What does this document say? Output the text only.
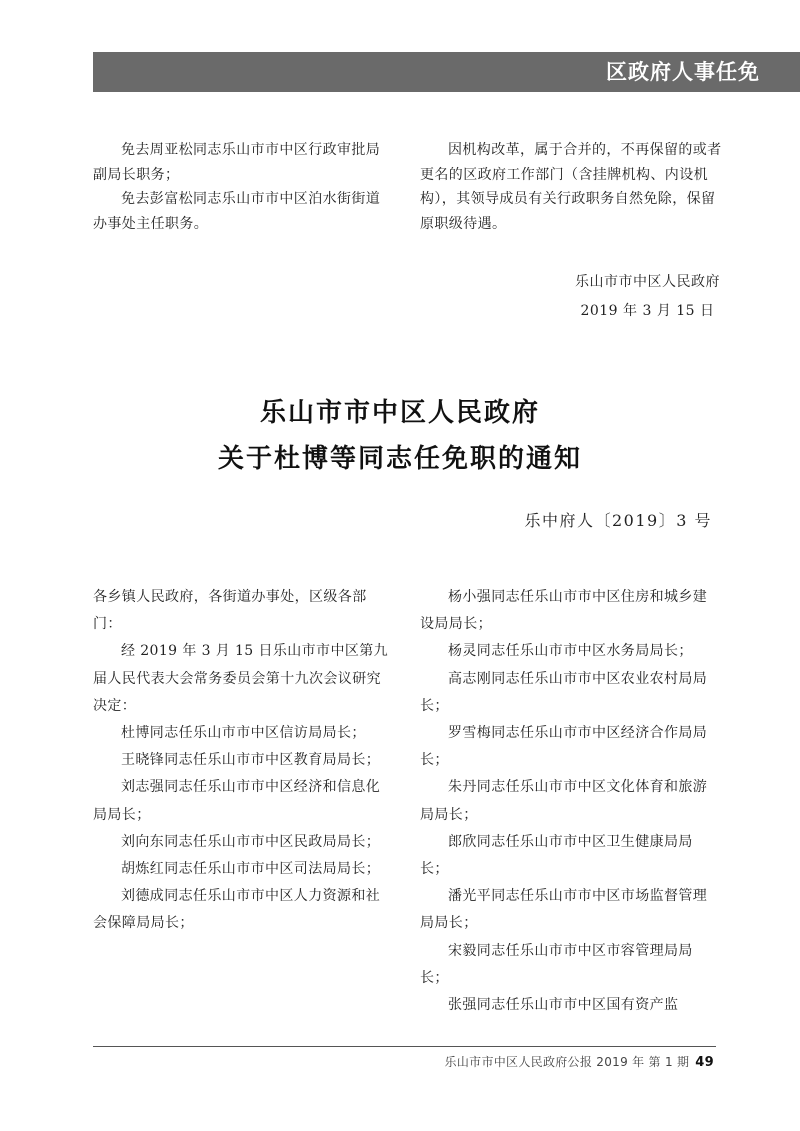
区政府人事任免

免去周亚松同志乐山市市中区行政审批局副局长职务；

免去彭富松同志乐山市市中区泊水街街道办事处主任职务。

因机构改革，属于合并的，不再保留的或者更名的区政府工作部门（含挂牌机构、内设机构），其领导成员有关行政职务自然免除，保留原职级待遇。

乐山市市中区人民政府
2019 年 3 月 15 日
乐山市市中区人民政府
关于杜博等同志任免职的通知
乐中府人〔2019〕3 号

各乡镇人民政府，各街道办事处，区级各部门：

经 2019 年 3 月 15 日乐山市市中区第九届人民代表大会常务委员会第十九次会议研究决定：

杜博同志任乐山市市中区信访局局长；

王晓锋同志任乐山市市中区教育局局长；

刘志强同志任乐山市市中区经济和信息化局局长；

刘向东同志任乐山市市中区民政局局长；

胡炼红同志任乐山市市中区司法局局长；

刘德成同志任乐山市市中区人力资源和社会保障局局长；

杨小强同志任乐山市市中区住房和城乡建设局局长；

杨灵同志任乐山市市中区水务局局长；

高志刚同志任乐山市市中区农业农村局局长；

罗雪梅同志任乐山市市中区经济合作局局长；

朱丹同志任乐山市市中区文化体育和旅游局局长；

郎欣同志任乐山市市中区卫生健康局局长；

潘光平同志任乐山市市中区市场监督管理局局长；

宋毅同志任乐山市市中区市容管理局局长；

张强同志任乐山市市中区国有资产监

乐山市市中区人民政府公报 2019 年 第 1 期 49
